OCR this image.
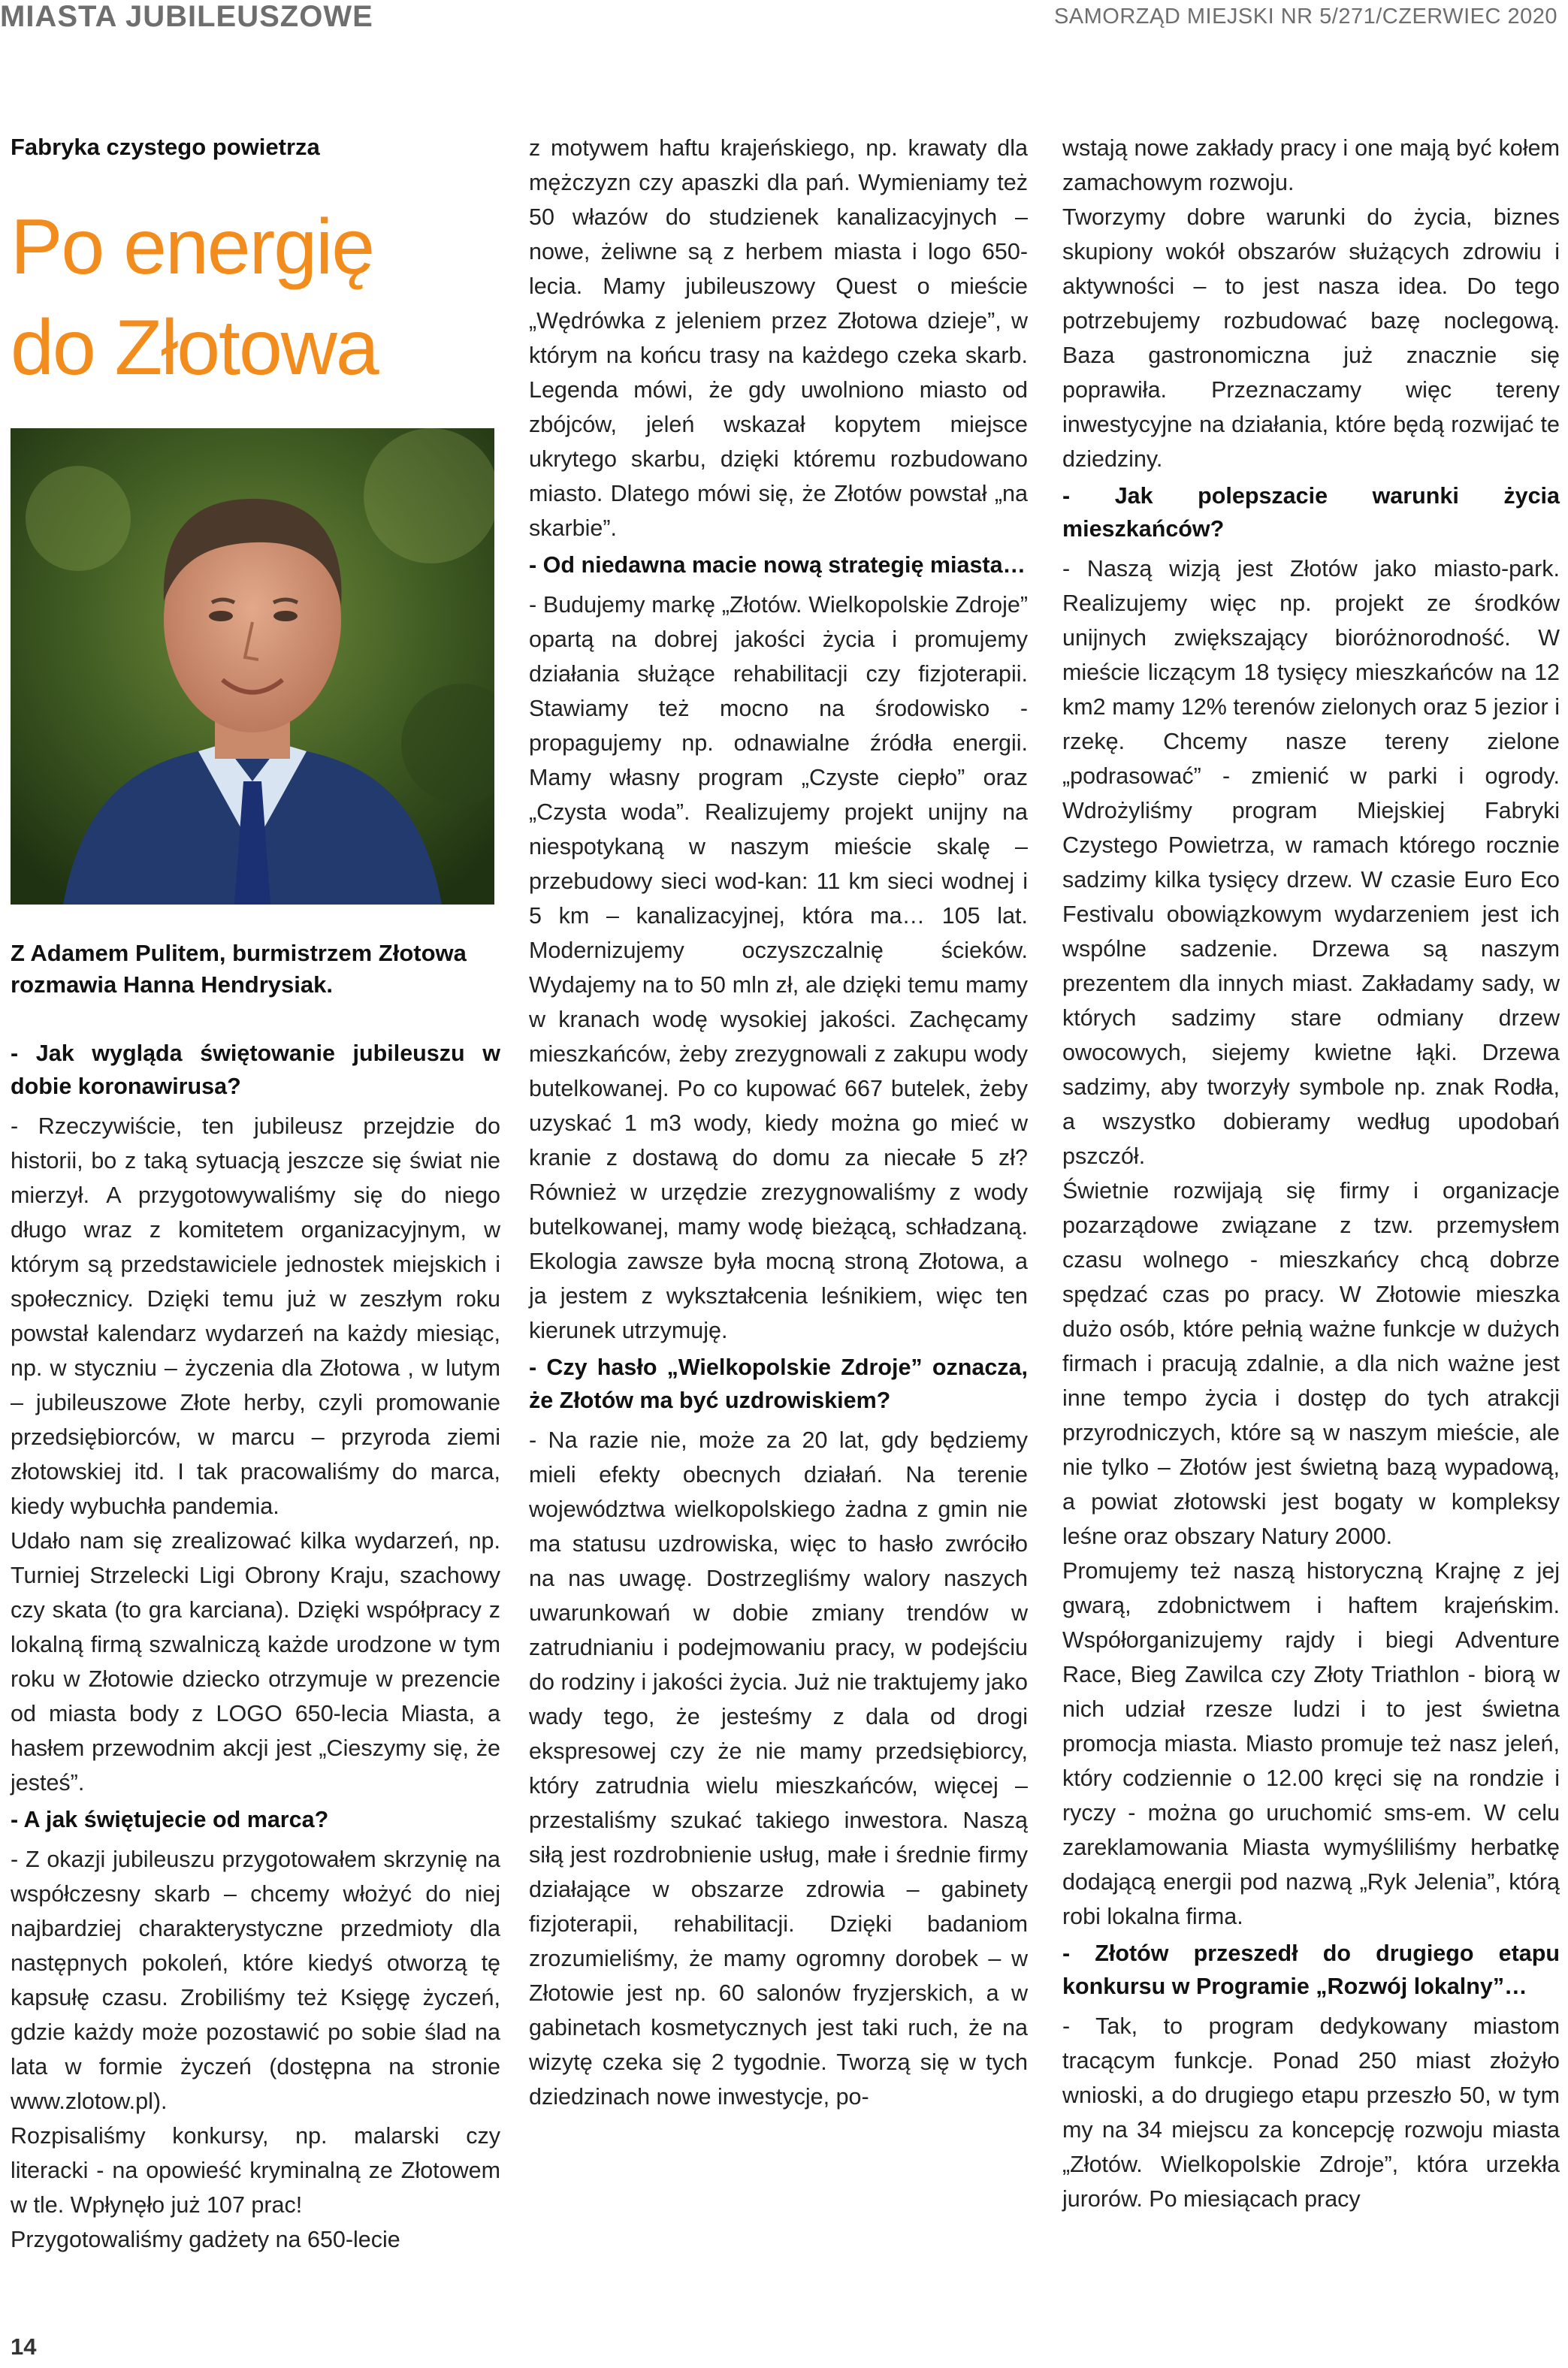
MIASTA JUBILEUSZOWE	SAMORZĄD MIEJSKI NR 5/271/CZERWIEC 2020
Fabryka czystego powietrza
Po energię
do Złotowa
Z Adamem Pulitem, burmistrzem Złotowa rozmawia Hanna Hendrysiak.

- Jak wygląda świętowanie jubileuszu w dobie koronawirusa?

- Rzeczywiście, ten jubileusz przejdzie do historii, bo z taką sytuacją jeszcze się świat nie mierzył. A przygotowywaliśmy się do niego długo wraz z komitetem organizacyjnym, w którym są przedstawiciele jednostek miejskich i społecznicy. Dzięki temu już w zeszłym roku powstał kalendarz wydarzeń na każdy miesiąc, np. w styczniu – życzenia dla Złotowa , w lutym – jubileuszowe Złote herby, czyli promowanie przedsiębiorców, w marcu – przyroda ziemi złotowskiej itd. I tak pracowaliśmy do marca, kiedy wybuchła pandemia.

Udało nam się zrealizować kilka wydarzeń, np. Turniej Strzelecki Ligi Obrony Kraju, szachowy czy skata (to gra karciana). Dzięki współpracy z lokalną firmą szwalniczą każde urodzone w tym roku w Złotowie dziecko otrzymuje w prezencie od miasta body z LOGO 650-lecia Miasta, a hasłem przewodnim akcji jest „Cieszymy się, że jesteś”.

- A jak świętujecie od marca?

- Z okazji jubileuszu przygotowałem skrzynię na współczesny skarb – chcemy włożyć do niej najbardziej charakterystyczne przedmioty dla następnych pokoleń, które kiedyś otworzą tę kapsułę czasu. Zrobiliśmy też Księgę życzeń, gdzie każdy może pozostawić po sobie ślad na lata w formie życzeń (dostępna na stronie www.zlotow.pl).

Rozpisaliśmy konkursy, np. malarski czy literacki - na opowieść kryminalną ze Złotowem w tle. Wpłynęło już 107 prac!

Przygotowaliśmy gadżety na 650-lecie

z motywem haftu krajeńskiego, np. krawaty dla mężczyzn czy apaszki dla pań. Wymieniamy też 50 włazów do studzienek kanalizacyjnych – nowe, żeliwne są z herbem miasta i logo 650-lecia. Mamy jubileuszowy Quest o mieście „Wędrówka z jeleniem przez Złotowa dzieje”, w którym na końcu trasy na każdego czeka skarb. Legenda mówi, że gdy uwolniono miasto od zbójców, jeleń wskazał kopytem miejsce ukrytego skarbu, dzięki któremu rozbudowano miasto. Dlatego mówi się, że Złotów powstał „na skarbie”.

- Od niedawna macie nową strategię miasta…

- Budujemy markę „Złotów. Wielkopolskie Zdroje” opartą na dobrej jakości życia i promujemy działania służące rehabilitacji czy fizjoterapii. Stawiamy też mocno na środowisko - propagujemy np. odnawialne źródła energii. Mamy własny program „Czyste ciepło” oraz „Czysta woda”. Realizujemy projekt unijny na niespotykaną w naszym mieście skalę – przebudowy sieci wod-kan: 11 km sieci wodnej i 5 km – kanalizacyjnej, która ma… 105 lat. Modernizujemy oczyszczalnię ścieków. Wydajemy na to 50 mln zł, ale dzięki temu mamy w kranach wodę wysokiej jakości. Zachęcamy mieszkańców, żeby zrezygnowali z zakupu wody butelkowanej. Po co kupować 667 butelek, żeby uzyskać 1 m3 wody, kiedy można go mieć w kranie z dostawą do domu za niecałe 5 zł? Również w urzędzie zrezygnowaliśmy z wody butelkowanej, mamy wodę bieżącą, schładzaną. Ekologia zawsze była mocną stroną Złotowa, a ja jestem z wykształcenia leśnikiem, więc ten kierunek utrzymuję.

- Czy hasło „Wielkopolskie Zdroje” oznacza, że Złotów ma być uzdrowiskiem?

- Na razie nie, może za 20 lat, gdy będziemy mieli efekty obecnych działań. Na terenie województwa wielkopolskiego żadna z gmin nie ma statusu uzdrowiska, więc to hasło zwróciło na nas uwagę. Dostrzegliśmy walory naszych uwarunkowań w dobie zmiany trendów w zatrudnianiu i podejmowaniu pracy, w podejściu do rodziny i jakości życia. Już nie traktujemy jako wady tego, że jesteśmy z dala od drogi ekspresowej czy że nie mamy przedsiębiorcy, który zatrudnia wielu mieszkańców, więcej – przestaliśmy szukać takiego inwestora. Naszą siłą jest rozdrobnienie usług, małe i średnie firmy działające w obszarze zdrowia – gabinety fizjoterapii, rehabilitacji. Dzięki badaniom zrozumieliśmy, że mamy ogromny dorobek – w Złotowie jest np. 60 salonów fryzjerskich, a w gabinetach kosmetycznych jest taki ruch, że na wizytę czeka się 2 tygodnie. Tworzą się w tych dziedzinach nowe inwestycje, po-

wstają nowe zakłady pracy i one mają być kołem zamachowym rozwoju.

Tworzymy dobre warunki do życia, biznes skupiony wokół obszarów służących zdrowiu i aktywności – to jest nasza idea. Do tego potrzebujemy rozbudować bazę noclegową. Baza gastronomiczna już znacznie się poprawiła. Przeznaczamy więc tereny inwestycyjne na działania, które będą rozwijać te dziedziny.

- Jak polepszacie warunki życia mieszkańców?

- Naszą wizją jest Złotów jako miasto-park. Realizujemy więc np. projekt ze środków unijnych zwiększający bioróżnorodność. W mieście liczącym 18 tysięcy mieszkańców na 12 km2 mamy 12% terenów zielonych oraz 5 jezior i rzekę. Chcemy nasze tereny zielone „podrasować” - zmienić w parki i ogrody. Wdrożyliśmy program Miejskiej Fabryki Czystego Powietrza, w ramach którego rocznie sadzimy kilka tysięcy drzew. W czasie Euro Eco Festivalu obowiązkowym wydarzeniem jest ich wspólne sadzenie. Drzewa są naszym prezentem dla innych miast. Zakładamy sady, w których sadzimy stare odmiany drzew owocowych, siejemy kwietne łąki. Drzewa sadzimy, aby tworzyły symbole np. znak Rodła, a wszystko dobieramy według upodobań pszczół.

Świetnie rozwijają się firmy i organizacje pozarządowe związane z tzw. przemysłem czasu wolnego - mieszkańcy chcą dobrze spędzać czas po pracy. W Złotowie mieszka dużo osób, które pełnią ważne funkcje w dużych firmach i pracują zdalnie, a dla nich ważne jest inne tempo życia i dostęp do tych atrakcji przyrodniczych, które są w naszym mieście, ale nie tylko – Złotów jest świetną bazą wypadową, a powiat złotowski jest bogaty w kompleksy leśne oraz obszary Natury 2000.

Promujemy też naszą historyczną Krajnę z jej gwarą, zdobnictwem i haftem krajeńskim. Współorganizujemy rajdy i biegi Adventure Race, Bieg Zawilca czy Złoty Triathlon - biorą w nich udział rzesze ludzi i to jest świetna promocja miasta. Miasto promuje też nasz jeleń, który codziennie o 12.00 kręci się na rondzie i ryczy - można go uruchomić sms-em. W celu zareklamowania Miasta wymyśliliśmy herbatkę dodającą energii pod nazwą „Ryk Jelenia”, którą robi lokalna firma.

- Złotów przeszedł do drugiego etapu konkursu w Programie „Rozwój lokalny”…

- Tak, to program dedykowany miastom tracącym funkcje. Ponad 250 miast złożyło wnioski, a do drugiego etapu przeszło 50, w tym my na 34 miejscu za koncepcję rozwoju miasta „Złotów. Wielkopolskie Zdroje”, która urzekła jurorów. Po miesiącach pracy

14
